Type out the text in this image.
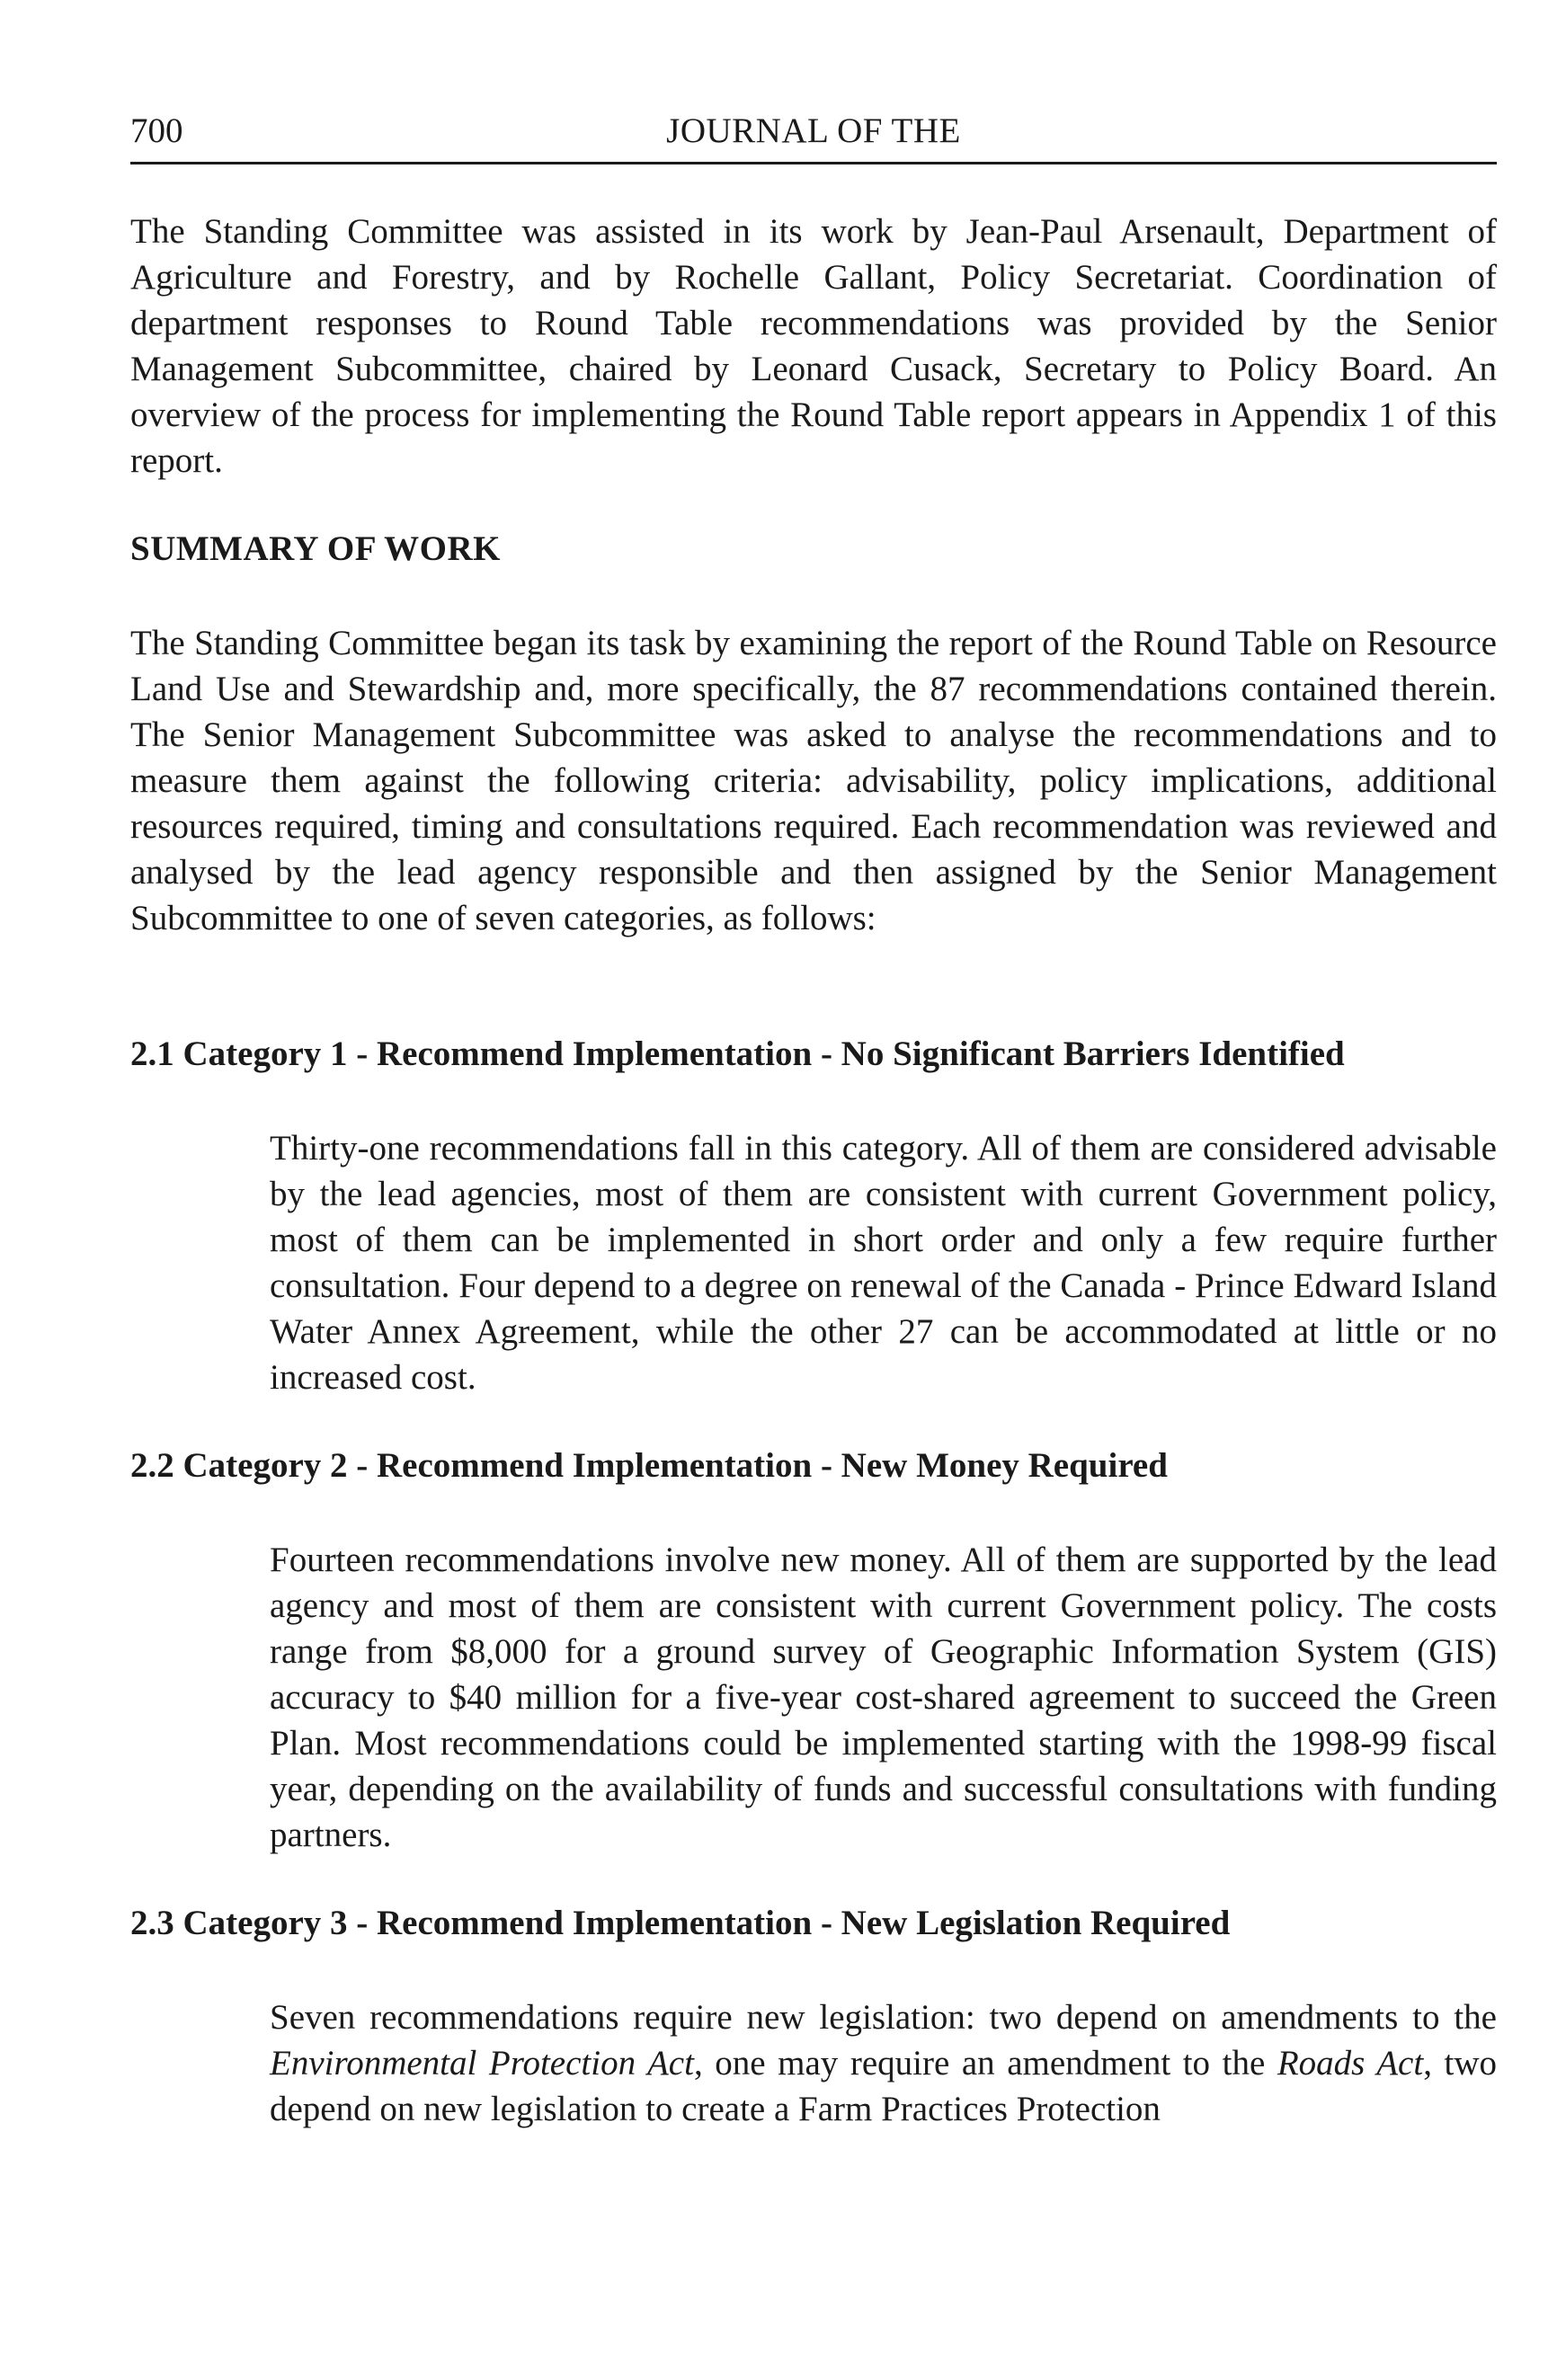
700	JOURNAL OF THE

The Standing Committee was assisted in its work by Jean-Paul Arsenault, Department of Agriculture and Forestry, and by Rochelle Gallant, Policy Secretariat. Coordination of department responses to Round Table recommendations was provided by the Senior Management Subcommittee, chaired by Leonard Cusack, Secretary to Policy Board. An overview of the process for implementing the Round Table report appears in Appendix 1 of this report.

SUMMARY OF WORK

The Standing Committee began its task by examining the report of the Round Table on Resource Land Use and Stewardship and, more specifically, the 87 recommendations contained therein. The Senior Management Subcommittee was asked to analyse the recommendations and to measure them against the following criteria: advisability, policy implications, additional resources required, timing and consultations required. Each recommendation was reviewed and analysed by the lead agency responsible and then assigned by the Senior Management Subcommittee to one of seven categories, as follows:

2.1 Category 1 - Recommend Implementation - No Significant Barriers Identified

Thirty-one recommendations fall in this category. All of them are considered advisable by the lead agencies, most of them are consistent with current Government policy, most of them can be implemented in short order and only a few require further consultation. Four depend to a degree on renewal of the Canada - Prince Edward Island Water Annex Agreement, while the other 27 can be accommodated at little or no increased cost.

2.2 Category 2 - Recommend Implementation - New Money Required

Fourteen recommendations involve new money. All of them are supported by the lead agency and most of them are consistent with current Government policy. The costs range from $8,000 for a ground survey of Geographic Information System (GIS) accuracy to $40 million for a five-year cost-shared agreement to succeed the Green Plan. Most recommendations could be implemented starting with the 1998-99 fiscal year, depending on the availability of funds and successful consultations with funding partners.

2.3 Category 3 - Recommend Implementation - New Legislation Required

Seven recommendations require new legislation: two depend on amendments to the Environmental Protection Act, one may require an amendment to the Roads Act, two depend on new legislation to create a Farm Practices Protection
